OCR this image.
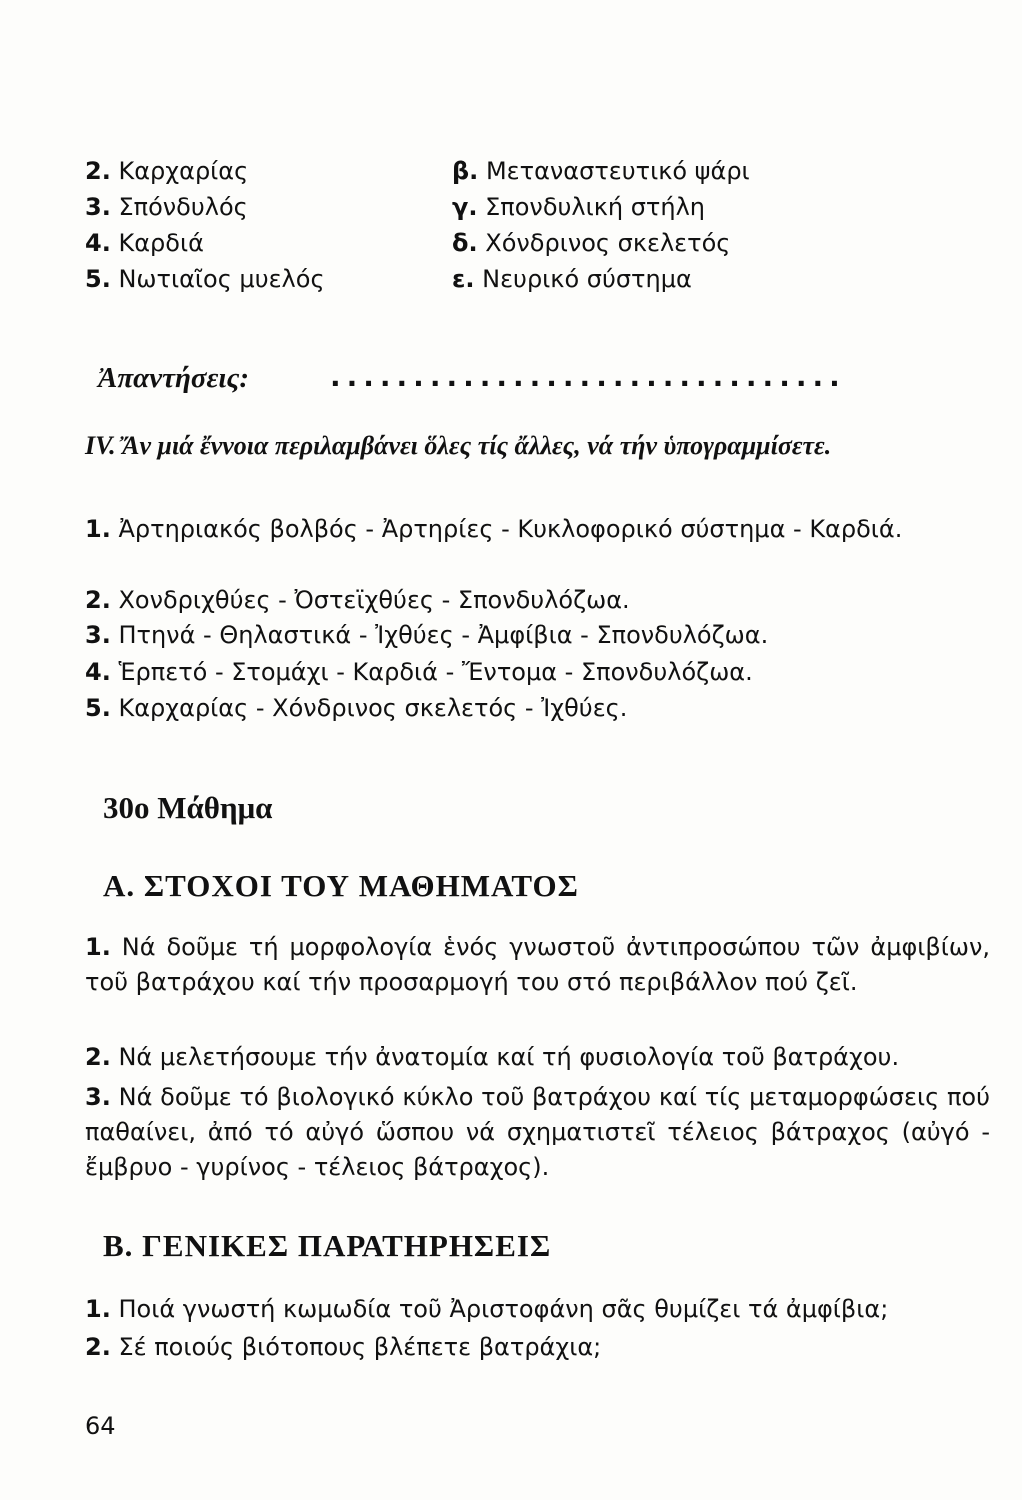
2. Καρχαρίας
3. Σπόνδυλός
4. Καρδιά
5. Νωτιαῖος μυελός
β. Μεταναστευτικό ψάρι
γ. Σπονδυλική στήλη
δ. Χόνδρινος σκελετός
ε. Νευρικό σύστημα
Ἀπαντήσεις:	...............................
IV. Ἄν μιά ἔννοια περιλαμβάνει ὅλες τίς ἄλλες, νά τήν ὑπογραμμίσετε.
1. Ἀρτηριακός βολβός - Ἀρτηρίες - Κυκλοφορικό σύστημα - Καρδιά.
2. Χονδριχθύες - Ὀστεϊχθύες - Σπονδυλόζωα.
3. Πτηνά - Θηλαστικά - Ἰχθύες - Ἀμφίβια - Σπονδυλόζωα.
4. Ἑρπετό - Στομάχι - Καρδιά - Ἔντομα - Σπονδυλόζωα.
5. Καρχαρίας - Χόνδρινος σκελετός - Ἰχθύες.
30ο Μάθημα
Α. ΣΤΟΧΟΙ ΤΟΥ ΜΑΘΗΜΑΤΟΣ
1. Νά δοῦμε τή μορφολογία ἑνός γνωστοῦ ἀντιπροσώπου τῶν ἀμφιβίων, τοῦ βατράχου καί τήν προσαρμογή του στό περιβάλλον πού ζεῖ.
2. Νά μελετήσουμε τήν ἀνατομία καί τή φυσιολογία τοῦ βατράχου.
3. Νά δοῦμε τό βιολογικό κύκλο τοῦ βατράχου καί τίς μεταμορφώσεις πού παθαίνει, ἀπό τό αὐγό ὥσπου νά σχηματιστεῖ τέλειος βάτραχος (αὐγό - ἔμβρυο - γυρίνος - τέλειος βάτραχος).
Β. ΓΕΝΙΚΕΣ ΠΑΡΑΤΗΡΗΣΕΙΣ
1. Ποιά γνωστή κωμωδία τοῦ Ἀριστοφάνη σᾶς θυμίζει τά ἀμφίβια;
2. Σέ ποιούς βιότοπους βλέπετε βατράχια;
64
